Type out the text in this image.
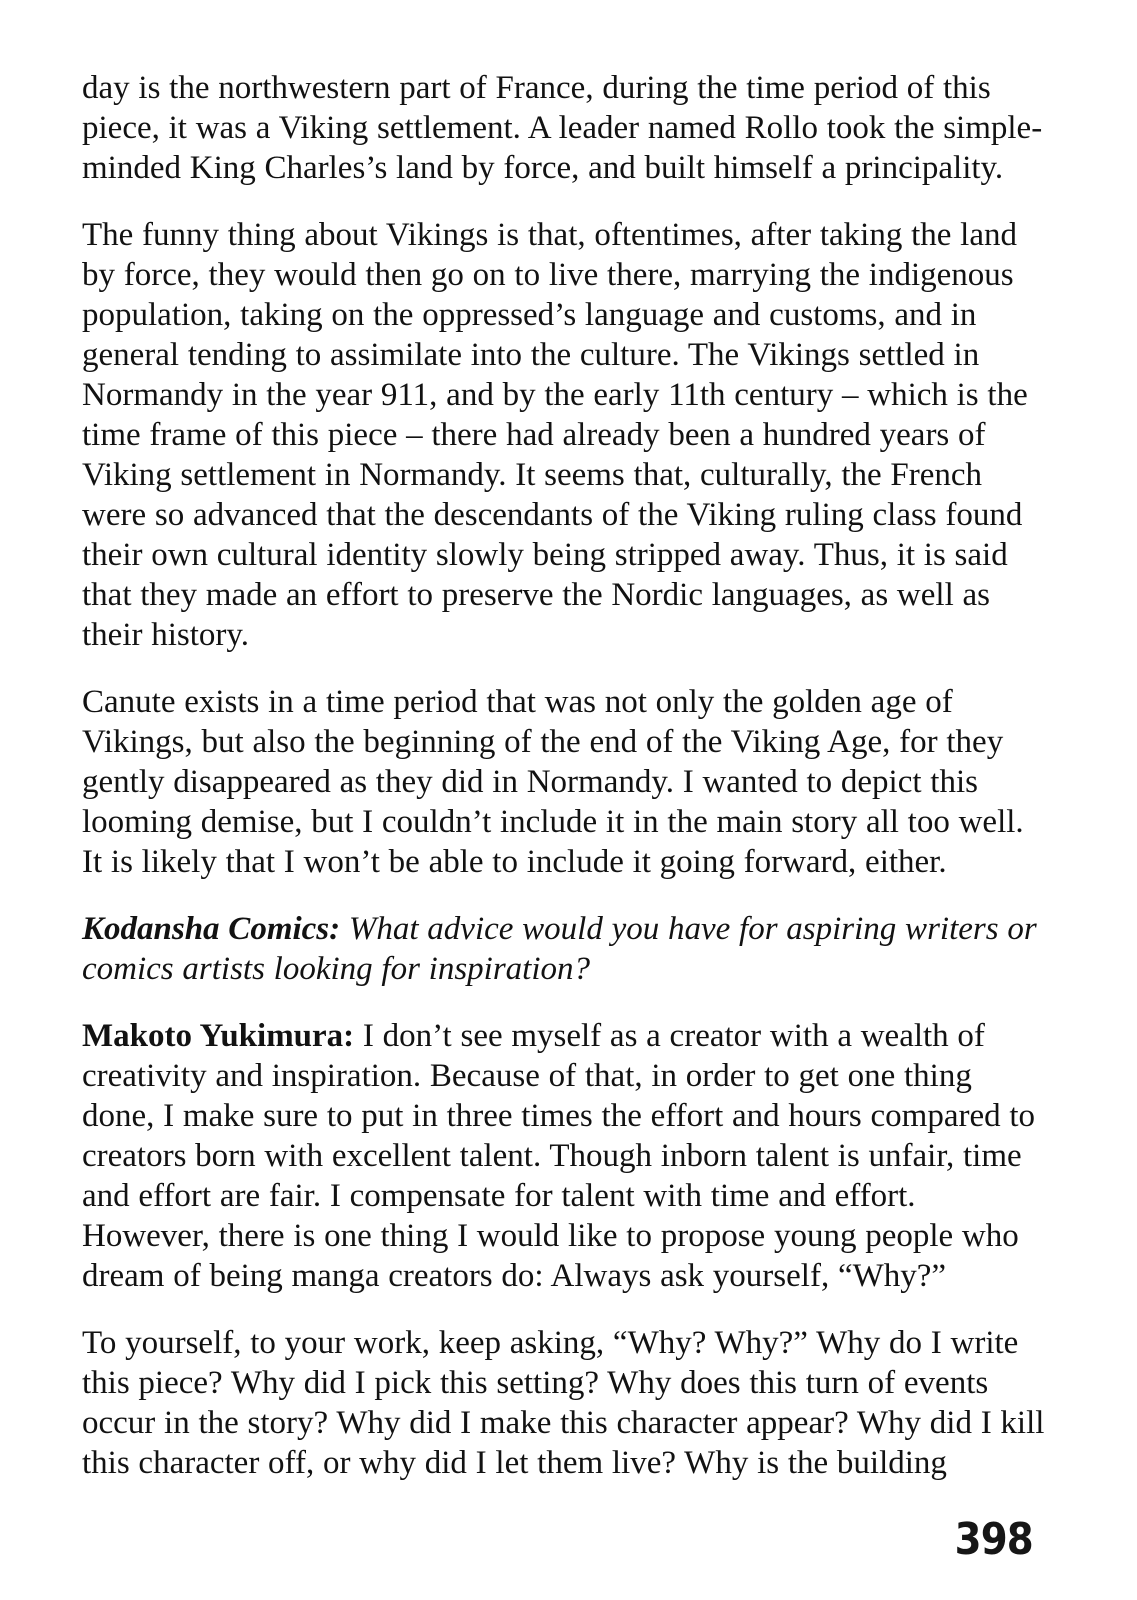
day is the northwestern part of France, during the time period of this piece, it was a Viking settlement. A leader named Rollo took the simple-minded King Charles’s land by force, and built himself a principality.

The funny thing about Vikings is that, oftentimes, after taking the land by force, they would then go on to live there, marrying the indigenous population, taking on the oppressed’s language and customs, and in general tending to assimilate into the culture. The Vikings settled in Normandy in the year 911, and by the early 11th century – which is the time frame of this piece – there had already been a hundred years of Viking settlement in Normandy. It seems that, culturally, the French were so advanced that the descendants of the Viking ruling class found their own cultural identity slowly being stripped away. Thus, it is said that they made an effort to preserve the Nordic languages, as well as their history.

Canute exists in a time period that was not only the golden age of Vikings, but also the beginning of the end of the Viking Age, for they gently disappeared as they did in Normandy. I wanted to depict this looming demise, but I couldn’t include it in the main story all too well. It is likely that I won’t be able to include it going forward, either.

Kodansha Comics: What advice would you have for aspiring writers or comics artists looking for inspiration?

Makoto Yukimura: I don’t see myself as a creator with a wealth of creativity and inspiration. Because of that, in order to get one thing done, I make sure to put in three times the effort and hours compared to creators born with excellent talent. Though inborn talent is unfair, time and effort are fair. I compensate for talent with time and effort. However, there is one thing I would like to propose young people who dream of being manga creators do: Always ask yourself, “Why?”

To yourself, to your work, keep asking, “Why? Why?” Why do I write this piece? Why did I pick this setting? Why does this turn of events occur in the story? Why did I make this character appear? Why did I kill this character off, or why did I let them live? Why is the building

398
